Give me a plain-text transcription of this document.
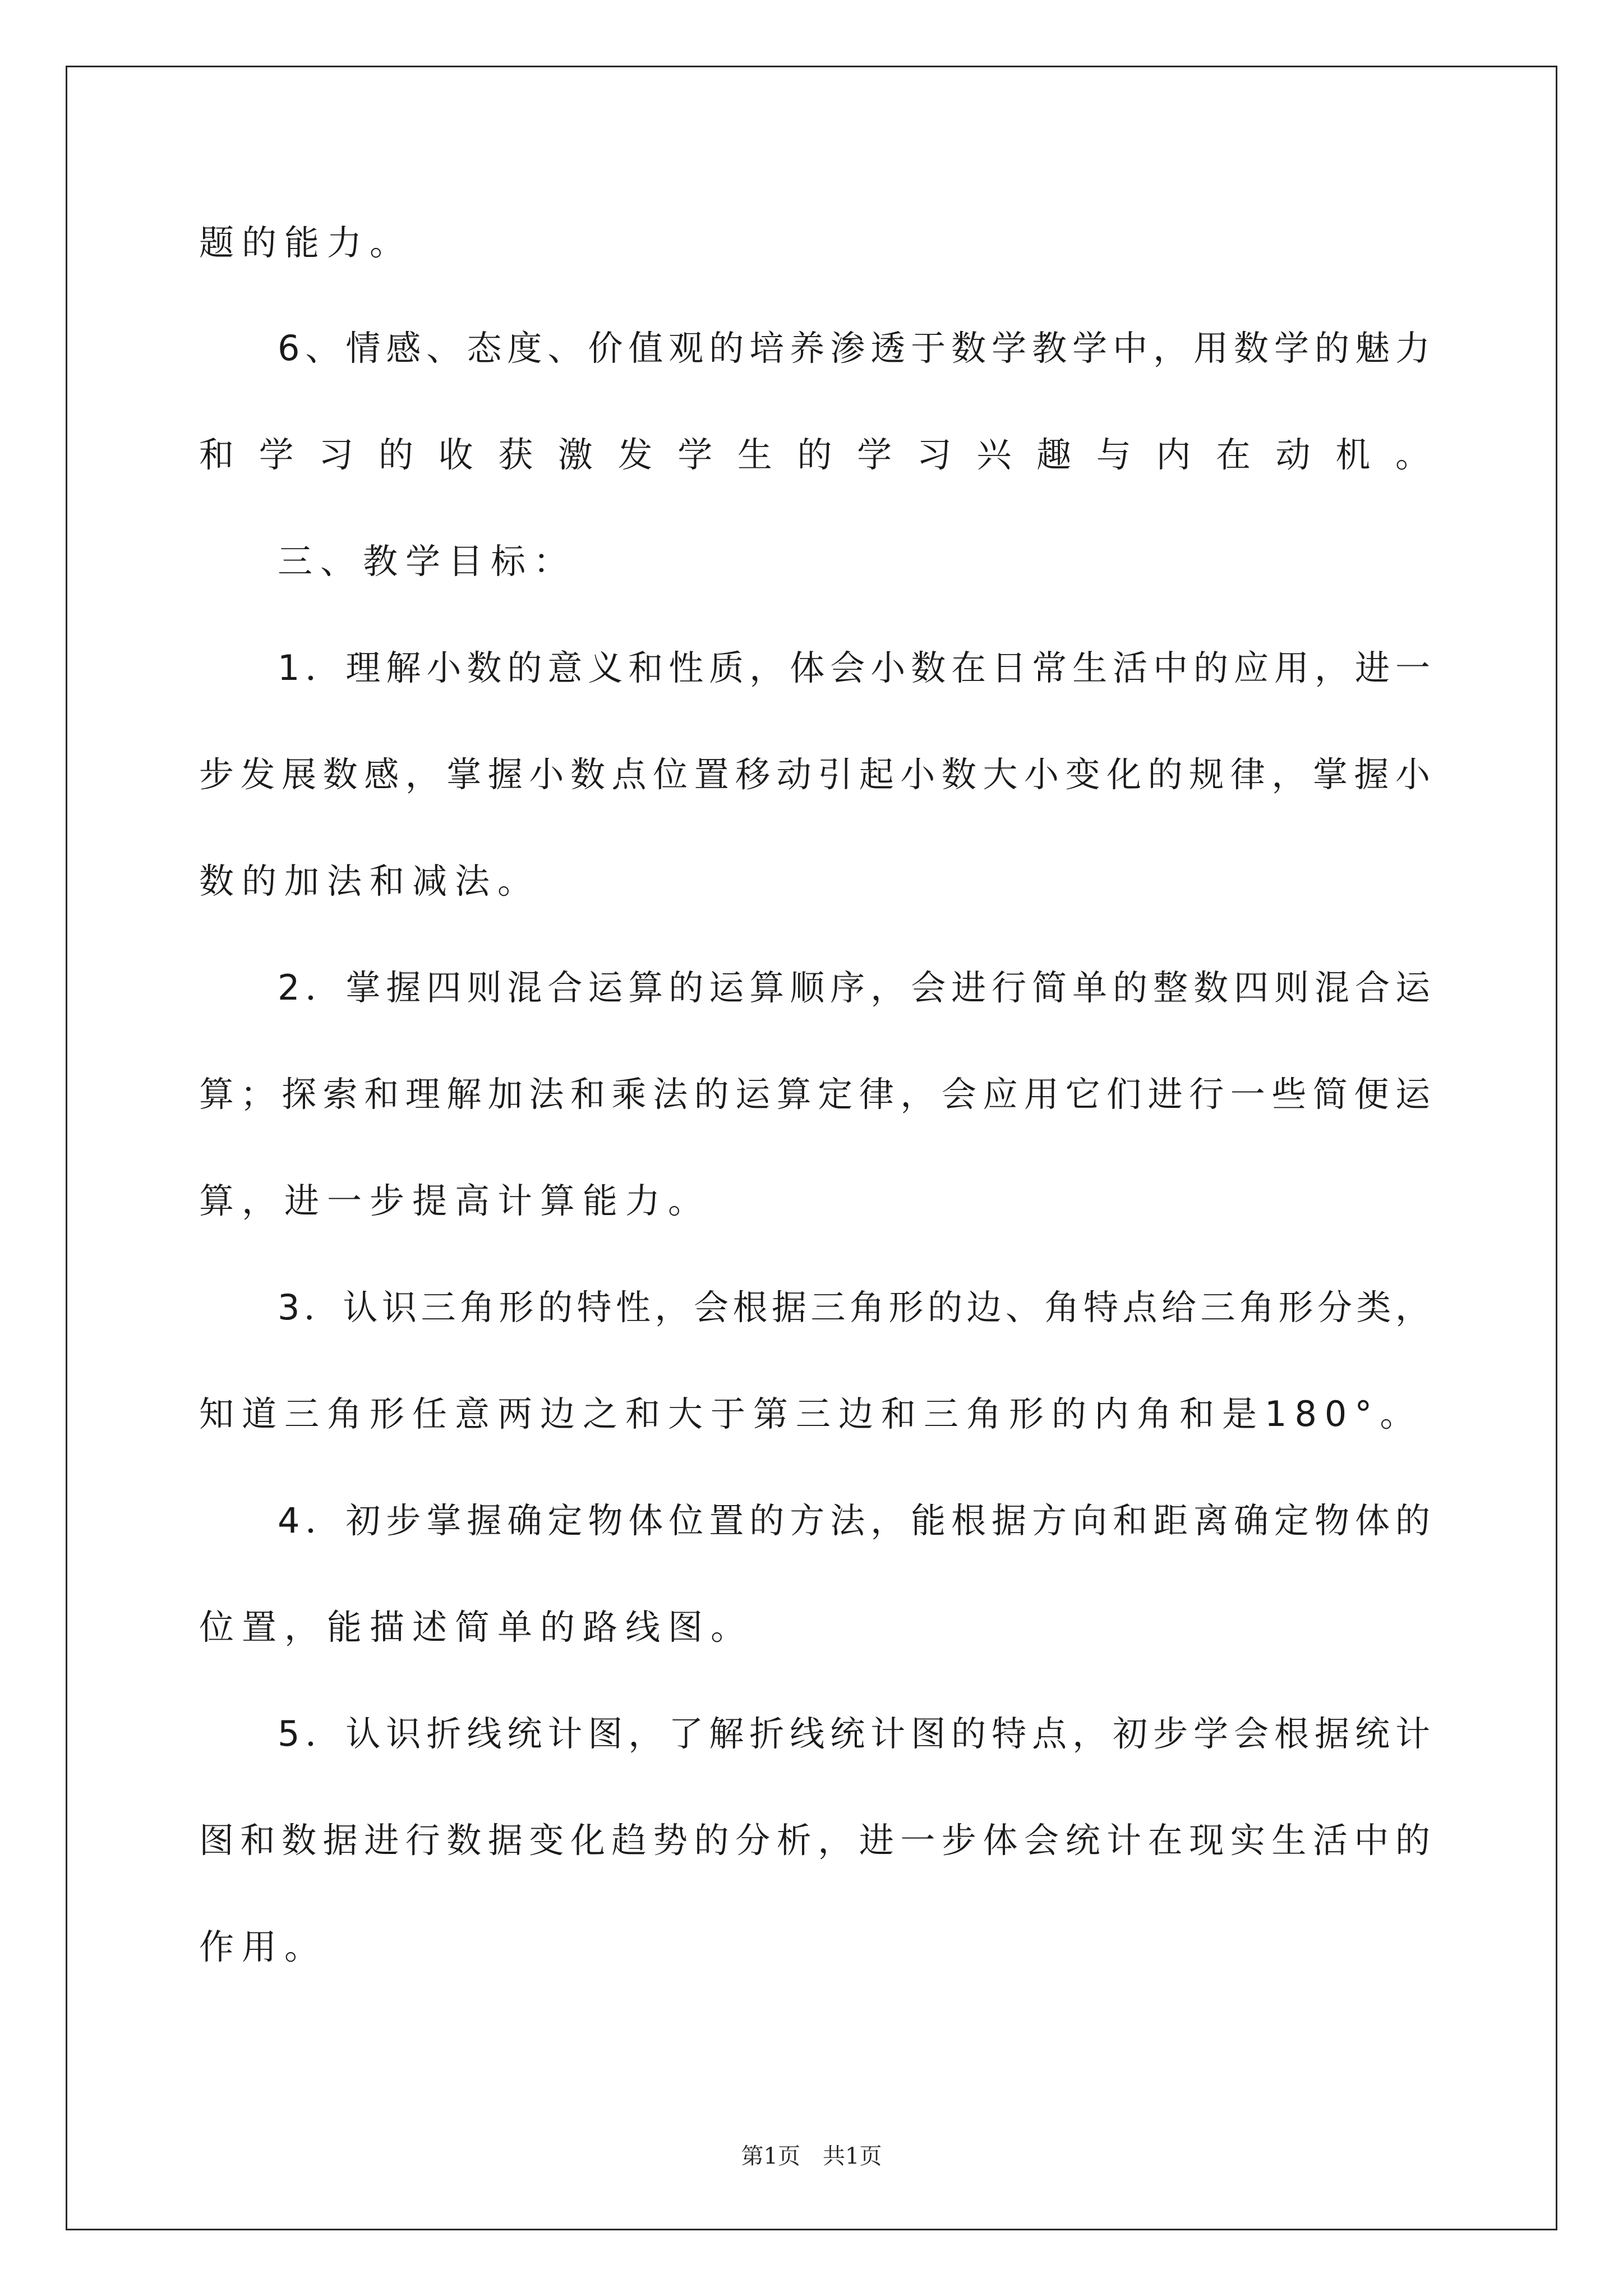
题的能力。
6、情感、态度、价值观的培养渗透于数学教学中，用数学的魅力
和学习的收获激发学生的学习兴趣与内在动机。
三、教学目标：
1．理解小数的意义和性质，体会小数在日常生活中的应用，进一
步发展数感，掌握小数点位置移动引起小数大小变化的规律，掌握小
数的加法和减法。
2．掌握四则混合运算的运算顺序，会进行简单的整数四则混合运
算；探索和理解加法和乘法的运算定律，会应用它们进行一些简便运
算，进一步提高计算能力。
3．认识三角形的特性，会根据三角形的边、角特点给三角形分类，
知道三角形任意两边之和大于第三边和三角形的内角和是180°。
4．初步掌握确定物体位置的方法，能根据方向和距离确定物体的
位置，能描述简单的路线图。
5．认识折线统计图，了解折线统计图的特点，初步学会根据统计
图和数据进行数据变化趋势的分析，进一步体会统计在现实生活中的
作用。
第1页　共1页
